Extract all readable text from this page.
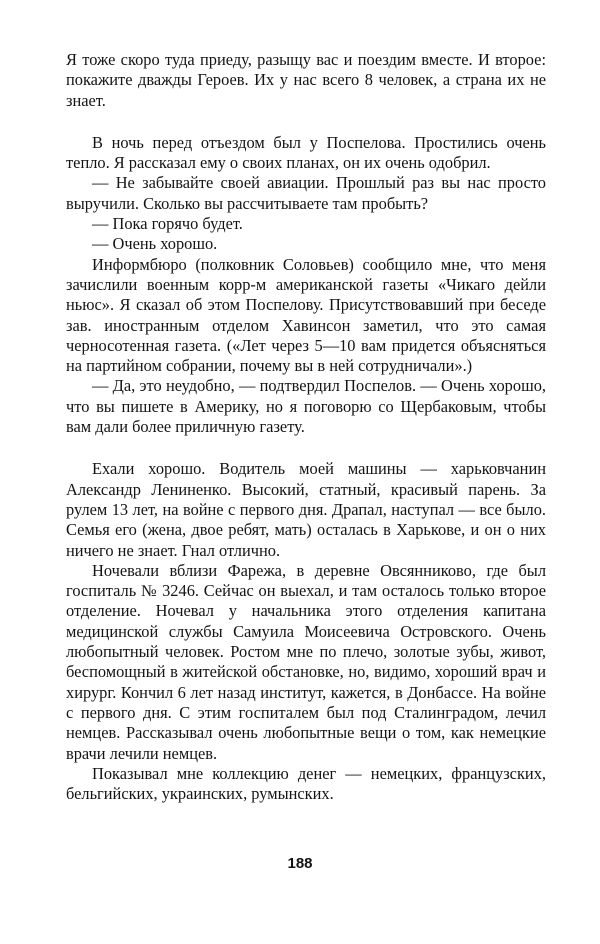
Я тоже скоро туда приеду, разыщу вас и поездим вместе. И второе: покажите дважды Героев. Их у нас всего 8 человек, а страна их не знает.

В ночь перед отъездом был у Поспелова. Простились очень тепло. Я рассказал ему о своих планах, он их очень одобрил.

— Не забывайте своей авиации. Прошлый раз вы нас просто выручили. Сколько вы рассчитываете там пробыть?

— Пока горячо будет.

— Очень хорошо.

Информбюро (полковник Соловьев) сообщило мне, что меня зачислили военным корр-м американской газеты «Чикаго дейли ньюс». Я сказал об этом Поспелову. Присутствовавший при беседе зав. иностранным отделом Хавинсон заметил, что это самая черносотенная газета. («Лет через 5—10 вам придется объясняться на партийном собрании, почему вы в ней сотрудничали».)

— Да, это неудобно, — подтвердил Поспелов. — Очень хорошо, что вы пишете в Америку, но я поговорю со Щербаковым, чтобы вам дали более приличную газету.

Ехали хорошо. Водитель моей машины — харьковчанин Александр Лениненко. Высокий, статный, красивый парень. За рулем 13 лет, на войне с первого дня. Драпал, наступал — все было. Семья его (жена, двое ребят, мать) осталась в Харькове, и он о них ничего не знает. Гнал отлично.

Ночевали вблизи Фарежа, в деревне Овсянниково, где был госпиталь № 3246. Сейчас он выехал, и там осталось только второе отделение. Ночевал у начальника этого отделения капитана медицинской службы Самуила Моисеевича Островского. Очень любопытный человек. Ростом мне по плечо, золотые зубы, живот, беспомощный в житейской обстановке, но, видимо, хороший врач и хирург. Кончил 6 лет назад институт, кажется, в Донбассе. На войне с первого дня. С этим госпиталем был под Сталинградом, лечил немцев. Рассказывал очень любопытные вещи о том, как немецкие врачи лечили немцев.

Показывал мне коллекцию денег — немецких, французских, бельгийских, украинских, румынских.

188
